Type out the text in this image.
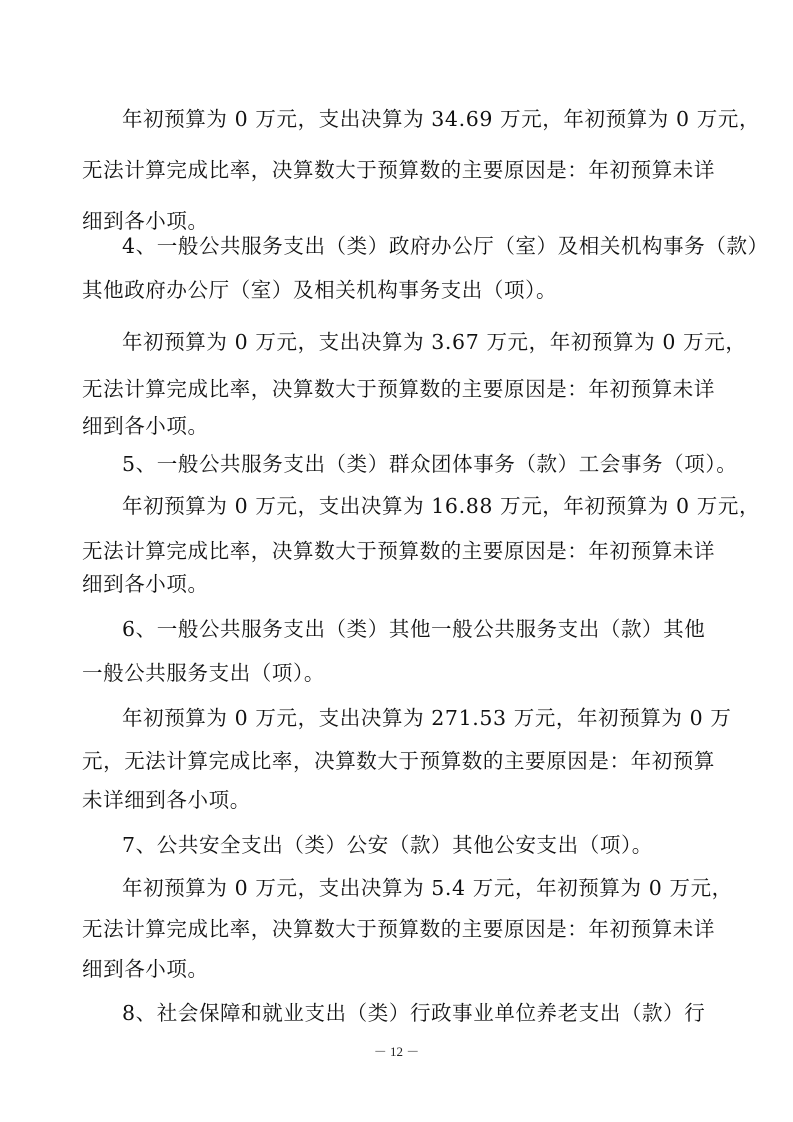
年初预算为 0 万元，支出决算为 34.69 万元，年初预算为 0 万元，
无法计算完成比率，决算数大于预算数的主要原因是：年初预算未详
细到各小项。
4、一般公共服务支出（类）政府办公厅（室）及相关机构事务（款）
其他政府办公厅（室）及相关机构事务支出（项）。
年初预算为 0 万元，支出决算为 3.67 万元，年初预算为 0 万元，
无法计算完成比率，决算数大于预算数的主要原因是：年初预算未详
细到各小项。
5、一般公共服务支出（类）群众团体事务（款）工会事务（项）。
年初预算为 0 万元，支出决算为 16.88 万元，年初预算为 0 万元，
无法计算完成比率，决算数大于预算数的主要原因是：年初预算未详
细到各小项。
6、一般公共服务支出（类）其他一般公共服务支出（款）其他
一般公共服务支出（项）。
年初预算为 0 万元，支出决算为 271.53 万元，年初预算为 0 万
元，无法计算完成比率，决算数大于预算数的主要原因是：年初预算
未详细到各小项。
7、公共安全支出（类）公安（款）其他公安支出（项）。
年初预算为 0 万元，支出决算为 5.4 万元，年初预算为 0 万元，
无法计算完成比率，决算数大于预算数的主要原因是：年初预算未详
细到各小项。
8、社会保障和就业支出（类）行政事业单位养老支出（款）行
－ 12 －
